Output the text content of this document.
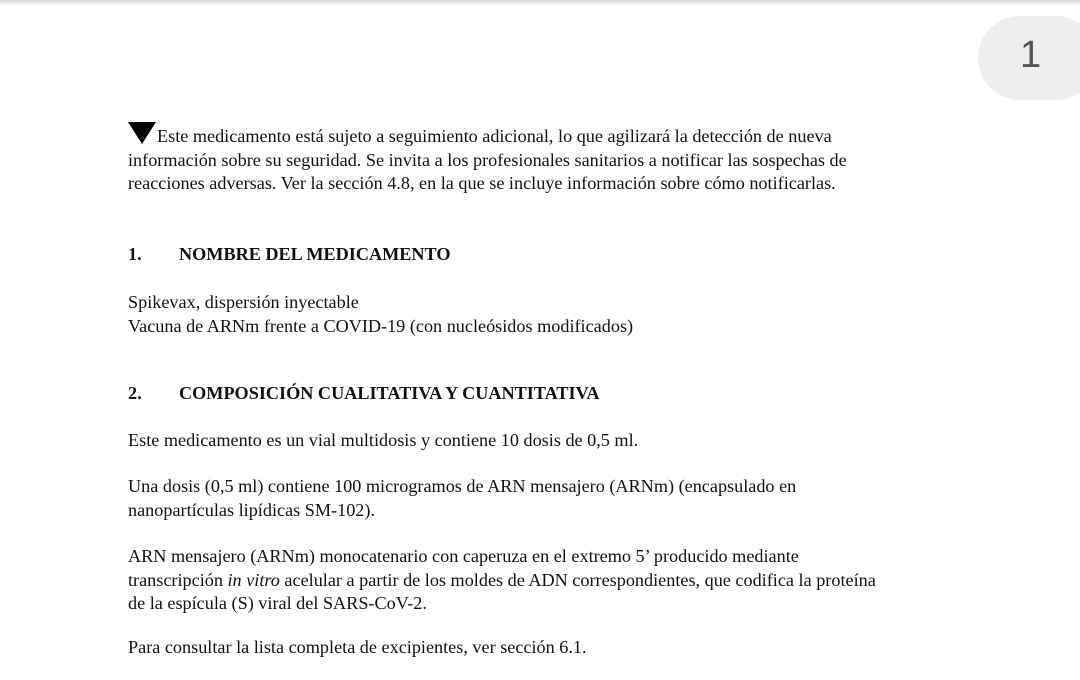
1
Este medicamento está sujeto a seguimiento adicional, lo que agilizará la detección de nueva
información sobre su seguridad. Se invita a los profesionales sanitarios a notificar las sospechas de
reacciones adversas. Ver la sección 4.8, en la que se incluye información sobre cómo notificarlas.
1. NOMBRE DEL MEDICAMENTO
Spikevax, dispersión inyectable
Vacuna de ARNm frente a COVID-19 (con nucleósidos modificados)
2. COMPOSICIÓN CUALITATIVA Y CUANTITATIVA
Este medicamento es un vial multidosis y contiene 10 dosis de 0,5 ml.
Una dosis (0,5 ml) contiene 100 microgramos de ARN mensajero (ARNm) (encapsulado en
nanopartículas lipídicas SM-102).
ARN mensajero (ARNm) monocatenario con caperuza en el extremo 5’ producido mediante
transcripción in vitro acelular a partir de los moldes de ADN correspondientes, que codifica la proteína
de la espícula (S) viral del SARS-CoV-2.
Para consultar la lista completa de excipientes, ver sección 6.1.
